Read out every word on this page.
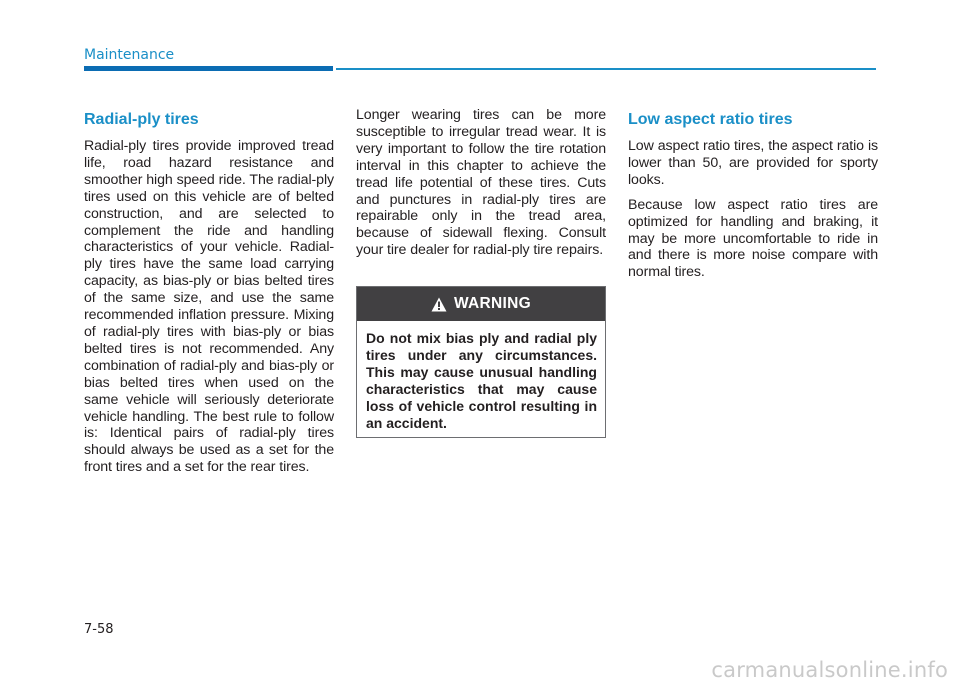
Maintenance
Radial-ply tires

Radial-ply tires provide improved tread life, road hazard resistance and smoother high speed ride. The radial-ply tires used on this vehicle are of belted construction, and are selected to complement the ride and handling characteristics of your vehicle. Radial-ply tires have the same load carrying capacity, as bias-ply or bias belted tires of the same size, and use the same recommended inflation pressure. Mixing of radial-ply tires with bias-ply or bias belted tires is not recommended. Any combination of radial-ply and bias-ply or bias belted tires when used on the same vehicle will seriously deteriorate vehicle handling. The best rule to follow is: Identical pairs of radial-ply tires should always be used as a set for the front tires and a set for the rear tires.

Longer wearing tires can be more susceptible to irregular tread wear. It is very important to follow the tire rotation interval in this chapter to achieve the tread life potential of these tires. Cuts and punctures in radial-ply tires are repairable only in the tread area, because of sidewall flexing. Consult your tire dealer for radial-ply tire repairs.

WARNING
Do not mix bias ply and radial ply tires under any circumstances. This may cause unusual handling characteristics that may cause loss of vehicle control resulting in an accident.
Low aspect ratio tires

Low aspect ratio tires, the aspect ratio is lower than 50, are provided for sporty looks.

Because low aspect ratio tires are optimized for handling and braking, it may be more uncomfortable to ride in and there is more noise compare with normal tires.

7-58
carmanualsonline.info
